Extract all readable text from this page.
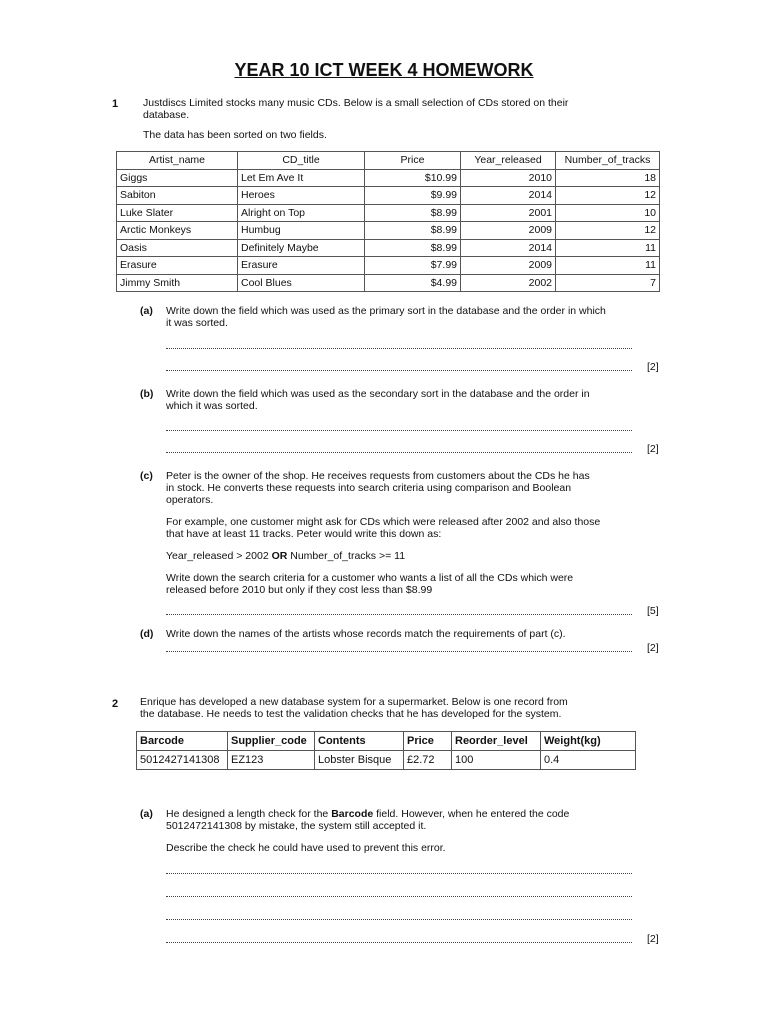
YEAR 10 ICT WEEK 4 HOMEWORK
1 Justdiscs Limited stocks many music CDs. Below is a small selection of CDs stored on their
database.
The data has been sorted on two fields.
Artist_name	CD_title	Price	Year_released	Number_of_tracks
Giggs	Let Em Ave It	$10.99	2010	18
Sabiton	Heroes	$9.99	2014	12
Luke Slater	Alright on Top	$8.99	2001	10
Arctic Monkeys	Humbug	$8.99	2009	12
Oasis	Definitely Maybe	$8.99	2014	11
Erasure	Erasure	$7.99	2009	11
Jimmy Smith	Cool Blues	$4.99	2002	7
(a) Write down the field which was used as the primary sort in the database and the order in which
it was sorted.
[2]
(b) Write down the field which was used as the secondary sort in the database and the order in
which it was sorted.
[2]
(c) Peter is the owner of the shop. He receives requests from customers about the CDs he has
in stock. He converts these requests into search criteria using comparison and Boolean
operators.
For example, one customer might ask for CDs which were released after 2002 and also those
that have at least 11 tracks. Peter would write this down as:
Year_released > 2002 OR Number_of_tracks >= 11
Write down the search criteria for a customer who wants a list of all the CDs which were
released before 2010 but only if they cost less than $8.99
[5]
(d) Write down the names of the artists whose records match the requirements of part (c).
[2]
2 Enrique has developed a new database system for a supermarket. Below is one record from
the database. He needs to test the validation checks that he has developed for the system.
Barcode	Supplier_code	Contents	Price	Reorder_level	Weight(kg)
5012427141308	EZ123	Lobster Bisque	£2.72	100	0.4
(a) He designed a length check for the Barcode field. However, when he entered the code
5012472141308 by mistake, the system still accepted it.
Describe the check he could have used to prevent this error.
[2]
